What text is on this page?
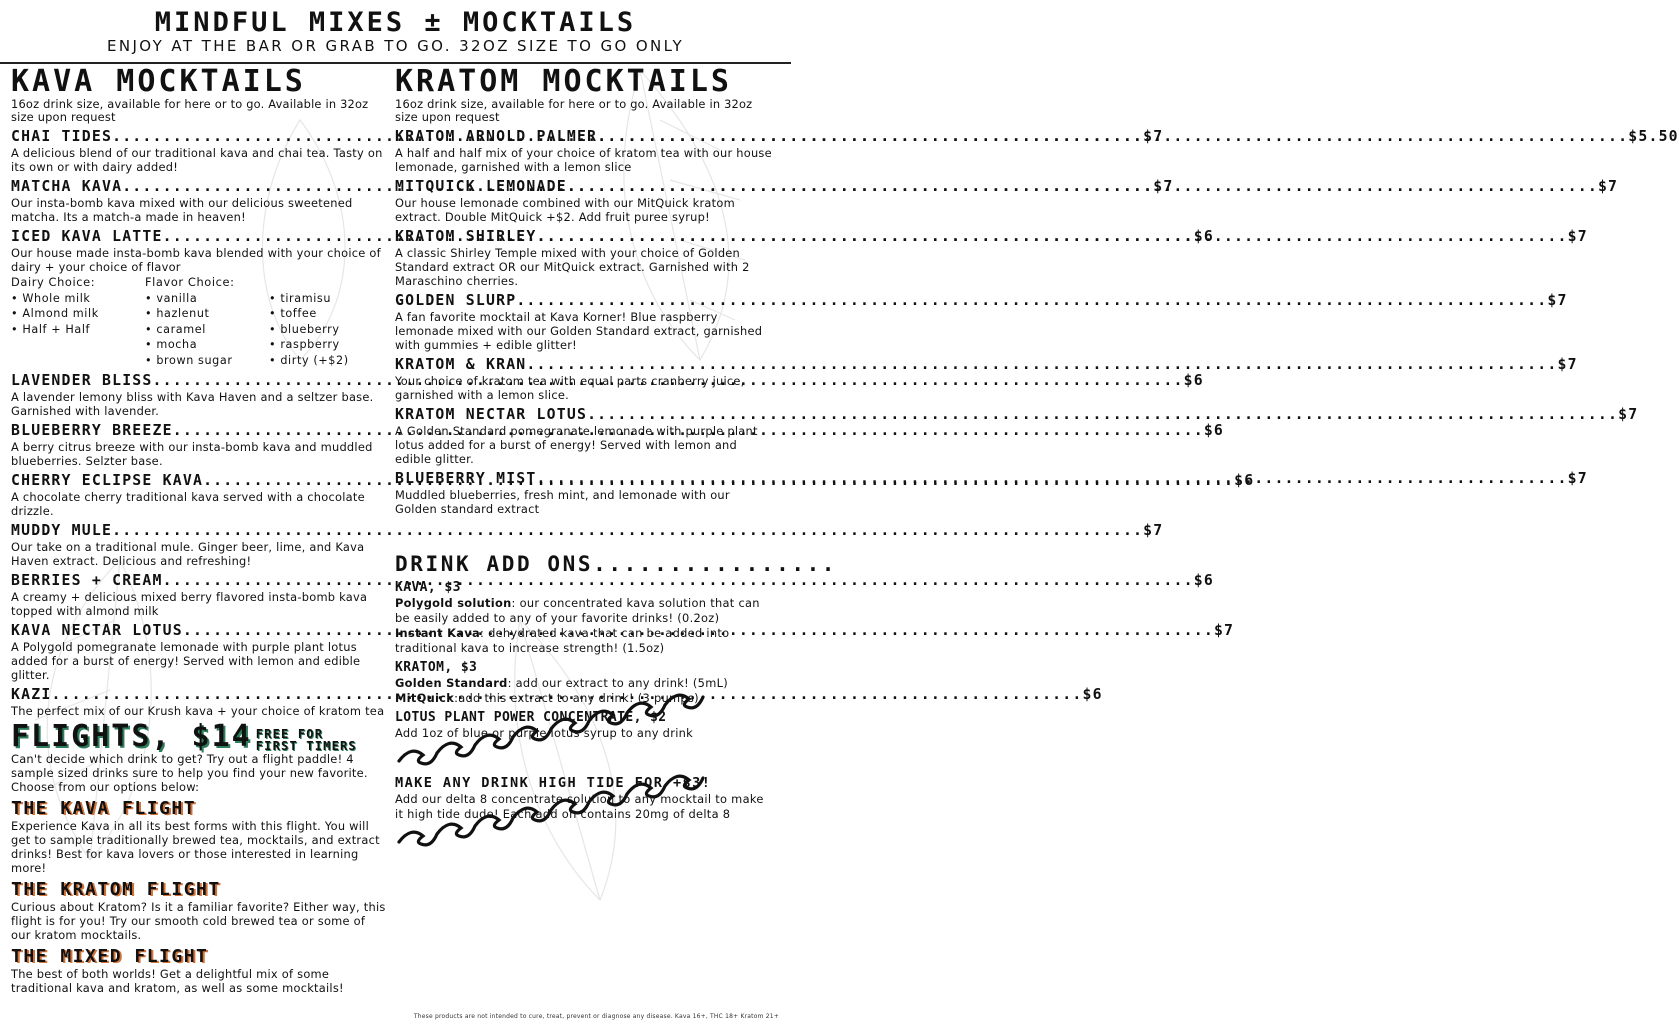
MINDFUL MIXES ± MOCKTAILS
ENJOY AT THE BAR OR GRAB TO GO. 32OZ SIZE TO GO ONLY
KAVA MOCKTAILS
16oz drink size, available for here or to go. Available in 32oz size upon request
CHAI TIDES .....	$7
A delicious blend of our traditional kava and chai tea. Tasty on its own or with dairy added!
MATCHA KAVA .....	$7
Our insta-bomb kava mixed with our delicious sweetened matcha. Its a match-a made in heaven!
ICED KAVA LATTE .....	$6
Our house made insta-bomb kava blended with your choice of dairy + your choice of flavor
Dairy Choice:
• Whole milk
• Almond milk
• Half + Half
Flavor Choice:
• vanilla
• hazlenut
• caramel
• mocha
• brown sugar
• tiramisu
• toffee
• blueberry
• raspberry
• dirty (+$2)
LAVENDER BLISS .....	$6
A lavender lemony bliss with Kava Haven and a seltzer base. Garnished with lavender.
BLUEBERRY BREEZE .....	$6
A berry citrus breeze with our insta-bomb kava and muddled blueberries. Selzter base.
CHERRY ECLIPSE KAVA .....	$6
A chocolate cherry traditional kava served with a chocolate drizzle.
MUDDY MULE .....	$7
Our take on a traditional mule. Ginger beer, lime, and Kava Haven extract. Delicious and refreshing!
BERRIES + CREAM .....	$6
A creamy + delicious mixed berry flavored insta-bomb kava topped with almond milk
KAVA NECTAR LOTUS .....	$7
A Polygold pomegranate lemonade with purple plant lotus added for a burst of energy! Served with lemon and edible glitter.
KAZI .....	$6
The perfect mix of our Krush kava + your choice of kratom tea
FLIGHTS, $14 FREE FOR
FIRST TIMERS
Can't decide which drink to get? Try out a flight paddle! 4 sample sized drinks sure to help you find your new favorite. Choose from our options below:
THE KAVA FLIGHT
Experience Kava in all its best forms with this flight. You will get to sample traditionally brewed tea, mocktails, and extract drinks! Best for kava lovers or those interested in learning more!
THE KRATOM FLIGHT
Curious about Kratom? Is it a familiar favorite? Either way, this flight is for you! Try our smooth cold brewed tea or some of our kratom mocktails.
THE MIXED FLIGHT
The best of both worlds! Get a delightful mix of some traditional kava and kratom, as well as some mocktails!
KRATOM MOCKTAILS
16oz drink size, available for here or to go. Available in 32oz size upon request
KRATOM ARNOLD PALMER .....	$5.50
A half and half mix of your choice of kratom tea with our house lemonade, garnished with a lemon slice
MITQUICK LEMONADE .....	$7
Our house lemonade combined with our MitQuick kratom extract. Double MitQuick +$2. Add fruit puree syrup!
KRATOM SHIRLEY .....	$7
A classic Shirley Temple mixed with your choice of Golden Standard extract OR our MitQuick extract. Garnished with 2 Maraschino cherries.
GOLDEN SLURP .....	$7
A fan favorite mocktail at Kava Korner! Blue raspberry lemonade mixed with our Golden Standard extract, garnished with gummies + edible glitter!
KRATOM & KRAN .....	$7
Your choice of kratom tea with equal parts cranberry juice, garnished with a lemon slice.
KRATOM NECTAR LOTUS .....	$7
A Golden Standard pomegranate lemonade with purple plant lotus added for a burst of energy! Served with lemon and edible glitter.
BLUEBERRY MIST .....	$7
Muddled blueberries, fresh mint, and lemonade with our Golden standard extract
DRINK ADD ONS................
KAVA, $3
Polygold solution: our concentrated kava solution that can be easily added to any of your favorite drinks! (0.2oz)
Instant Kava: dehydrated kava that can be added into traditional kava to increase strength! (1.5oz)
KRATOM, $3
Golden Standard: add our extract to any drink! (5mL)
MitQuick:add this extract to any drink! (3 pumps)
LOTUS PLANT POWER CONCENTRATE, $2
Add 1oz of blue or purple lotus syrup to any drink
MAKE ANY DRINK HIGH TIDE FOR +$3!
Add our delta 8 concentrate solution to any mocktail to make it high tide dude! Each add on contains 20mg of delta 8
These products are not intended to cure, treat, prevent or diagnose any disease. Kava 16+, THC 18+ Kratom 21+
